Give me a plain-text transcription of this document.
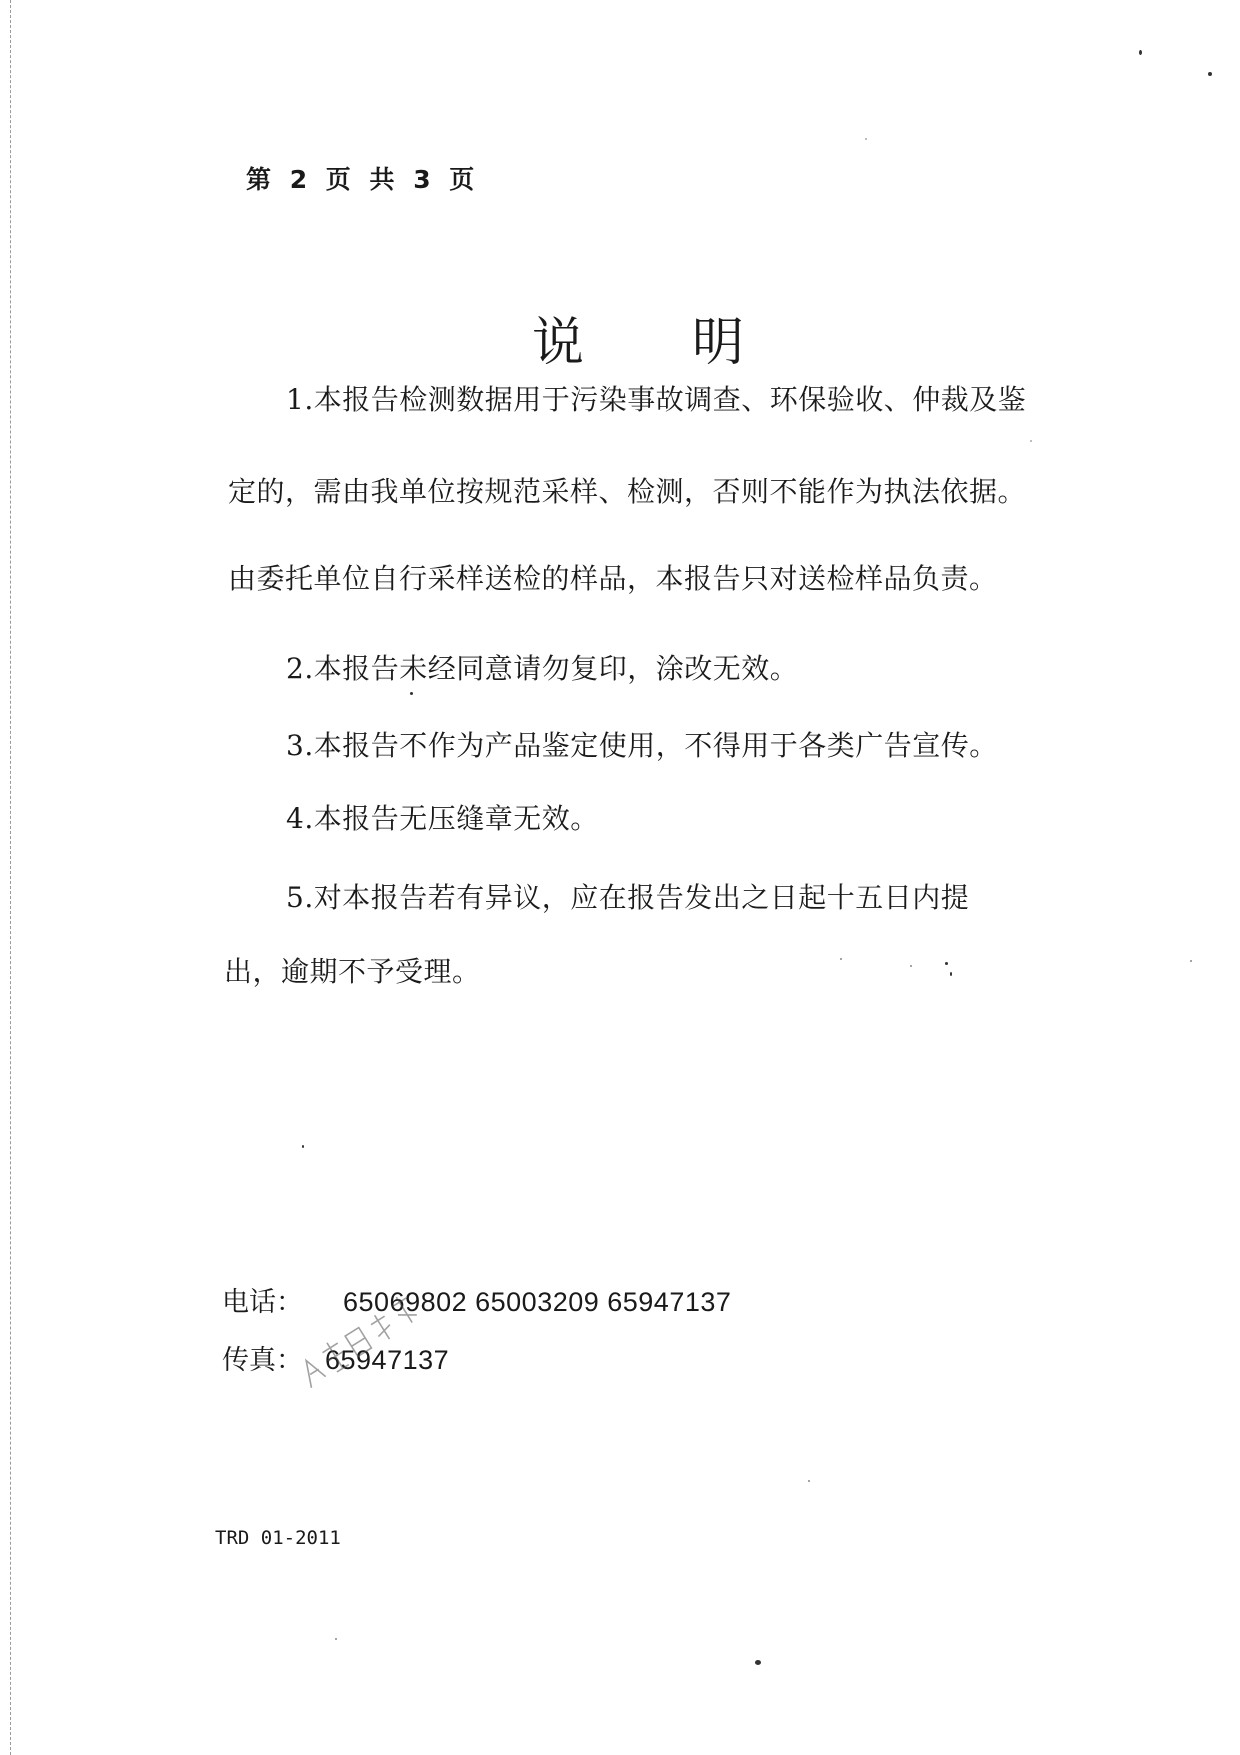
第 2 页 共 3 页
说明
1.本报告检测数据用于污染事故调查、环保验收、仲裁及鉴
定的，需由我单位按规范采样、检测，否则不能作为执法依据。
由委托单位自行采样送检的样品，本报告只对送检样品负责。
2.本报告未经同意请勿复印，涂改无效。
3.本报告不作为产品鉴定使用，不得用于各类广告宣传。
4.本报告无压缝章无效。
5.对本报告若有异议，应在报告发出之日起十五日内提
出，逾期不予受理。
电话： 65069802 65003209 65947137
传真： 65947137
TRD 01-2011
